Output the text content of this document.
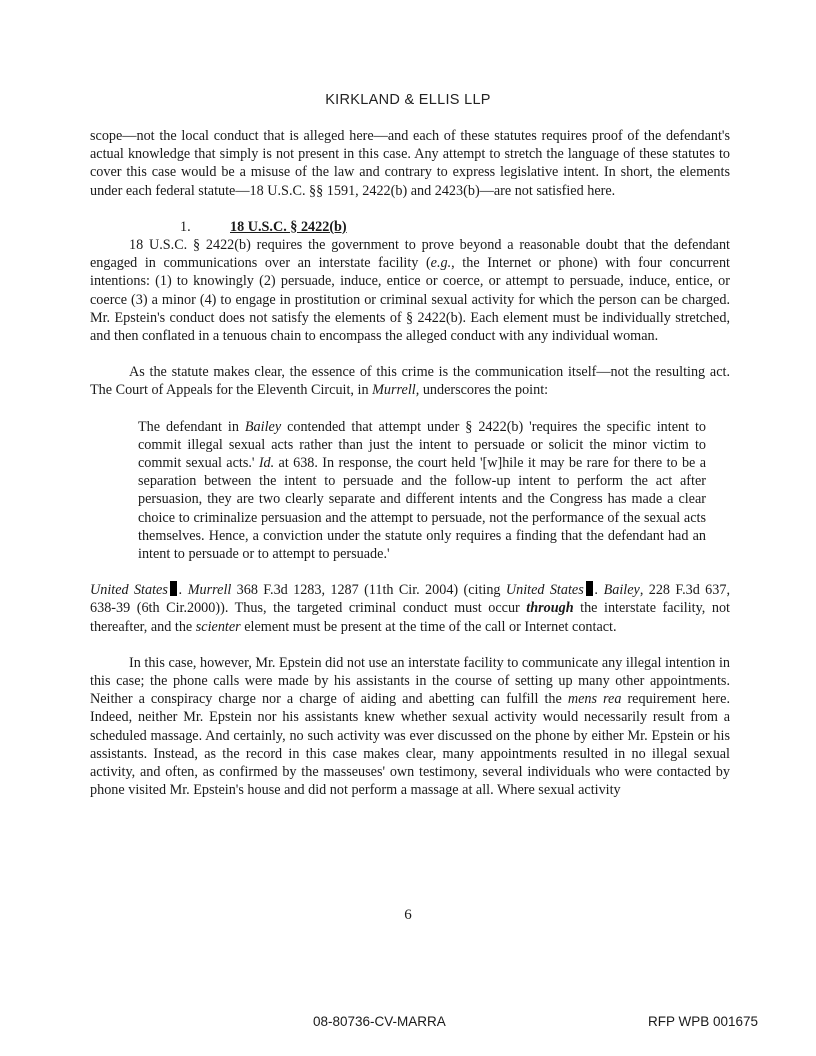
KIRKLAND & ELLIS LLP

scope—not the local conduct that is alleged here—and each of these statutes requires proof of the defendant's actual knowledge that simply is not present in this case. Any attempt to stretch the language of these statutes to cover this case would be a misuse of the law and contrary to express legislative intent. In short, the elements under each federal statute—18 U.S.C. §§ 1591, 2422(b) and 2423(b)—are not satisfied here.

1.	18 U.S.C. § 2422(b)

18 U.S.C. § 2422(b) requires the government to prove beyond a reasonable doubt that the defendant engaged in communications over an interstate facility (e.g., the Internet or phone) with four concurrent intentions: (1) to knowingly (2) persuade, induce, entice or coerce, or attempt to persuade, induce, entice, or coerce (3) a minor (4) to engage in prostitution or criminal sexual activity for which the person can be charged. Mr. Epstein's conduct does not satisfy the elements of § 2422(b). Each element must be individually stretched, and then conflated in a tenuous chain to encompass the alleged conduct with any individual woman.

As the statute makes clear, the essence of this crime is the communication itself—not the resulting act. The Court of Appeals for the Eleventh Circuit, in Murrell, underscores the point:

The defendant in Bailey contended that attempt under § 2422(b) 'requires the specific intent to commit illegal sexual acts rather than just the intent to persuade or solicit the minor victim to commit sexual acts.' Id. at 638. In response, the court held '[w]hile it may be rare for there to be a separation between the intent to persuade and the follow-up intent to perform the act after persuasion, they are two clearly separate and different intents and the Congress has made a clear choice to criminalize persuasion and the attempt to persuade, not the performance of the sexual acts themselves. Hence, a conviction under the statute only requires a finding that the defendant had an intent to persuade or to attempt to persuade.'

United States . Murrell 368 F.3d 1283, 1287 (11th Cir. 2004) (citing United States . Bailey, 228 F.3d 637, 638-39 (6th Cir.2000)). Thus, the targeted criminal conduct must occur through the interstate facility, not thereafter, and the scienter element must be present at the time of the call or Internet contact.

In this case, however, Mr. Epstein did not use an interstate facility to communicate any illegal intention in this case; the phone calls were made by his assistants in the course of setting up many other appointments. Neither a conspiracy charge nor a charge of aiding and abetting can fulfill the mens rea requirement here. Indeed, neither Mr. Epstein nor his assistants knew whether sexual activity would necessarily result from a scheduled massage. And certainly, no such activity was ever discussed on the phone by either Mr. Epstein or his assistants. Instead, as the record in this case makes clear, many appointments resulted in no illegal sexual activity, and often, as confirmed by the masseuses' own testimony, several individuals who were contacted by phone visited Mr. Epstein's house and did not perform a massage at all. Where sexual activity

6
08-80736-CV-MARRA	RFP WPB 001675
